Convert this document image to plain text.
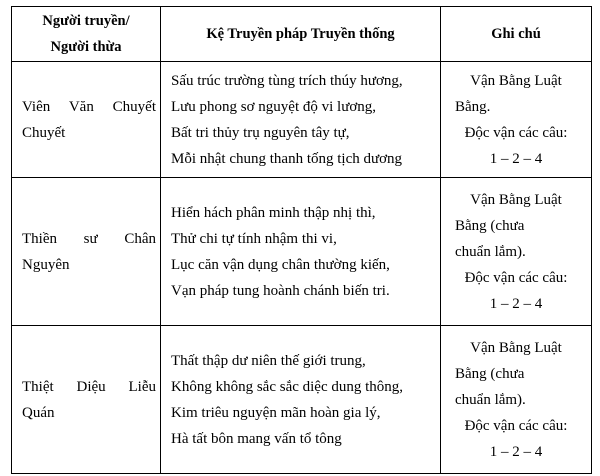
Người truyền/
Người thừa	Kệ Truyền pháp Truyền thống	Ghi chú

Viên Văn Chuyết
Chuyết	Sấu trúc trường tùng trích thúy hương,
Lưu phong sơ nguyệt độ vi lương,
Bất tri thủy trụ nguyên tây tự,
Mỗi nhật chung thanh tống tịch dương	Vận Bằng Luật
Bằng.
Độc vận các câu:
1 – 2 – 4

Thiền sư Chân
Nguyên	Hiển hách phân minh thập nhị thì,
Thử chi tự tính nhậm thi vi,
Lục căn vận dụng chân thường kiến,
Vạn pháp tung hoành chánh biến tri.	Vận Bằng Luật
Bằng (chưa
chuẩn lắm).
Độc vận các câu:
1 – 2 – 4

Thiệt Diệu Liễu
Quán	Thất thập dư niên thế giới trung,
Không không sắc sắc diệc dung thông,
Kim triêu nguyện mãn hoàn gia lý,
Hà tất bôn mang vấn tổ tông	Vận Bằng Luật
Bằng (chưa
chuẩn lắm).
Độc vận các câu:
1 – 2 – 4
